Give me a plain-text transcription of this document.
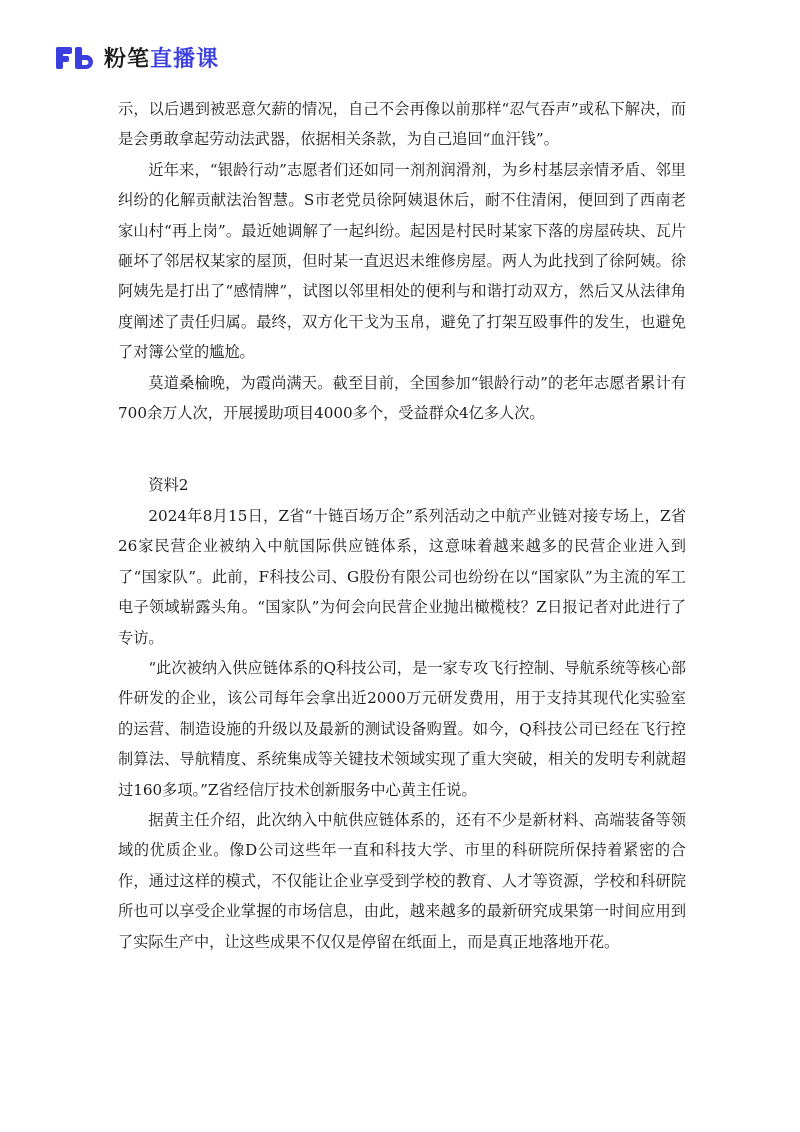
粉笔直播课

示，以后遇到被恶意欠薪的情况，自己不会再像以前那样“忍气吞声”或私下解决，而是会勇敢拿起劳动法武器，依据相关条款，为自己追回“血汗钱”。

近年来，“银龄行动”志愿者们还如同一剂剂润滑剂，为乡村基层亲情矛盾、邻里纠纷的化解贡献法治智慧。S市老党员徐阿姨退休后，耐不住清闲，便回到了西南老家山村“再上岗”。最近她调解了一起纠纷。起因是村民时某家下落的房屋砖块、瓦片砸坏了邻居权某家的屋顶，但时某一直迟迟未维修房屋。两人为此找到了徐阿姨。徐阿姨先是打出了“感情牌”，试图以邻里相处的便利与和谐打动双方，然后又从法律角度阐述了责任归属。最终，双方化干戈为玉帛，避免了打架互殴事件的发生，也避免了对簿公堂的尴尬。

莫道桑榆晚，为霞尚满天。截至目前，全国参加“银龄行动”的老年志愿者累计有700余万人次，开展援助项目4000多个，受益群众4亿多人次。

资料2

2024年8月15日，Z省“十链百场万企”系列活动之中航产业链对接专场上，Z省26家民营企业被纳入中航国际供应链体系，这意味着越来越多的民营企业进入到了“国家队”。此前，F科技公司、G股份有限公司也纷纷在以“国家队”为主流的军工电子领域崭露头角。“国家队”为何会向民营企业抛出橄榄枝？Z日报记者对此进行了专访。

“此次被纳入供应链体系的Q科技公司，是一家专攻飞行控制、导航系统等核心部件研发的企业，该公司每年会拿出近2000万元研发费用，用于支持其现代化实验室的运营、制造设施的升级以及最新的测试设备购置。如今，Q科技公司已经在飞行控制算法、导航精度、系统集成等关键技术领域实现了重大突破，相关的发明专利就超过160多项。”Z省经信厅技术创新服务中心黄主任说。

据黄主任介绍，此次纳入中航供应链体系的，还有不少是新材料、高端装备等领域的优质企业。像D公司这些年一直和科技大学、市里的科研院所保持着紧密的合作，通过这样的模式，不仅能让企业享受到学校的教育、人才等资源，学校和科研院所也可以享受企业掌握的市场信息，由此，越来越多的最新研究成果第一时间应用到了实际生产中，让这些成果不仅仅是停留在纸面上，而是真正地落地开花。
